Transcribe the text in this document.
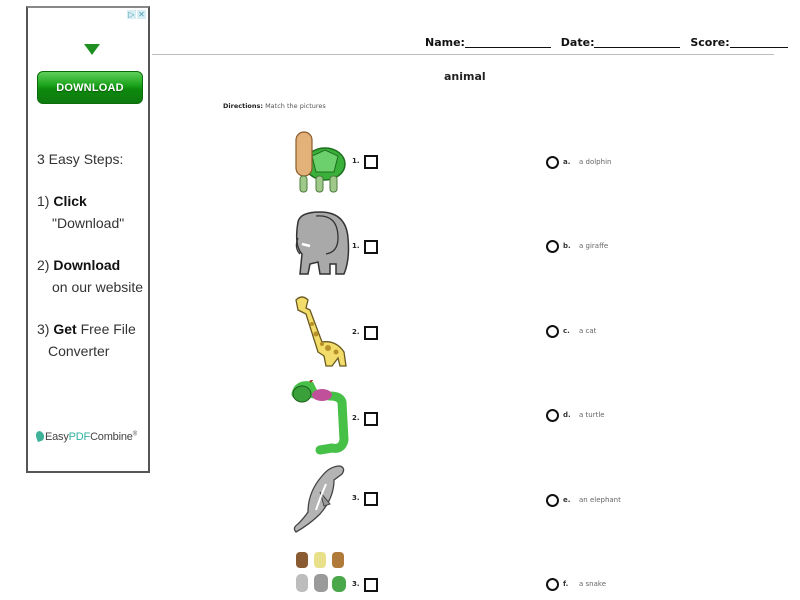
▷ ✕
DOWNLOAD
3 Easy Steps:
1) Click
"Download"
2) Download
on our website
3) Get Free File
Converter
EasyPDFCombine®
Name:	Date:	Score:
animal
Directions: Match the pictures
1.
1.
2.
2.
3.
3.
a. a dolphin
b. a giraffe
c. a cat
d. a turtle
e. an elephant
f. a snake
